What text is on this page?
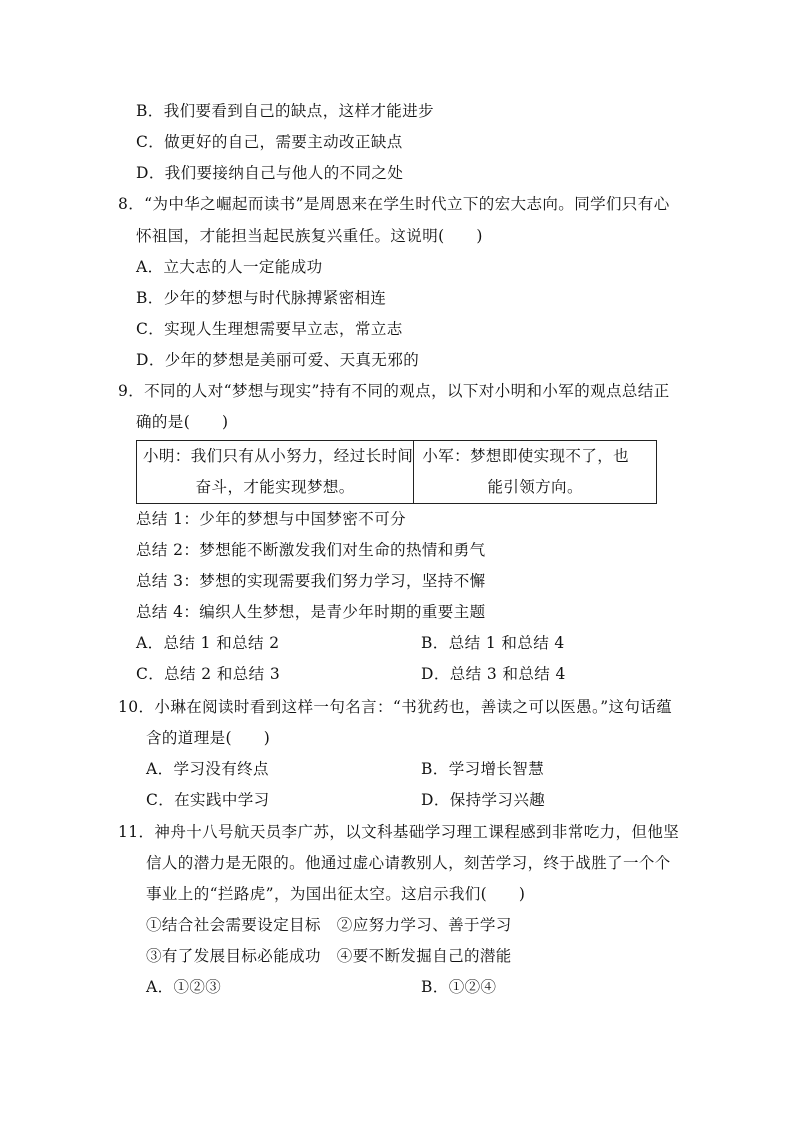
B．我们要看到自己的缺点，这样才能进步
C．做更好的自己，需要主动改正缺点
D．我们要接纳自己与他人的不同之处
8．“为中华之崛起而读书”是周恩来在学生时代立下的宏大志向。同学们只有心
怀祖国，才能担当起民族复兴重任。这说明(　　)
A．立大志的人一定能成功
B．少年的梦想与时代脉搏紧密相连
C．实现人生理想需要早立志，常立志
D．少年的梦想是美丽可爱、天真无邪的
9．不同的人对“梦想与现实”持有不同的观点，以下对小明和小军的观点总结正
确的是(　　)
小明：我们只有从小努力，经过长时间
奋斗，才能实现梦想。

小军：梦想即使实现不了，也
能引领方向。
总结 1：少年的梦想与中国梦密不可分
总结 2：梦想能不断激发我们对生命的热情和勇气
总结 3：梦想的实现需要我们努力学习，坚持不懈
总结 4：编织人生梦想，是青少年时期的重要主题
A．总结 1 和总结 2	B．总结 1 和总结 4
C．总结 2 和总结 3	D．总结 3 和总结 4
10．小琳在阅读时看到这样一句名言：“书犹药也，善读之可以医愚。”这句话蕴
含的道理是(　　)
A．学习没有终点	B．学习增长智慧
C．在实践中学习	D．保持学习兴趣
11．神舟十八号航天员李广苏，以文科基础学习理工课程感到非常吃力，但他坚
信人的潜力是无限的。他通过虚心请教别人，刻苦学习，终于战胜了一个个
事业上的“拦路虎”，为国出征太空。这启示我们(　　)
①结合社会需要设定目标　②应努力学习、善于学习
③有了发展目标必能成功　④要不断发掘自己的潜能
A．①②③	B．①②④
